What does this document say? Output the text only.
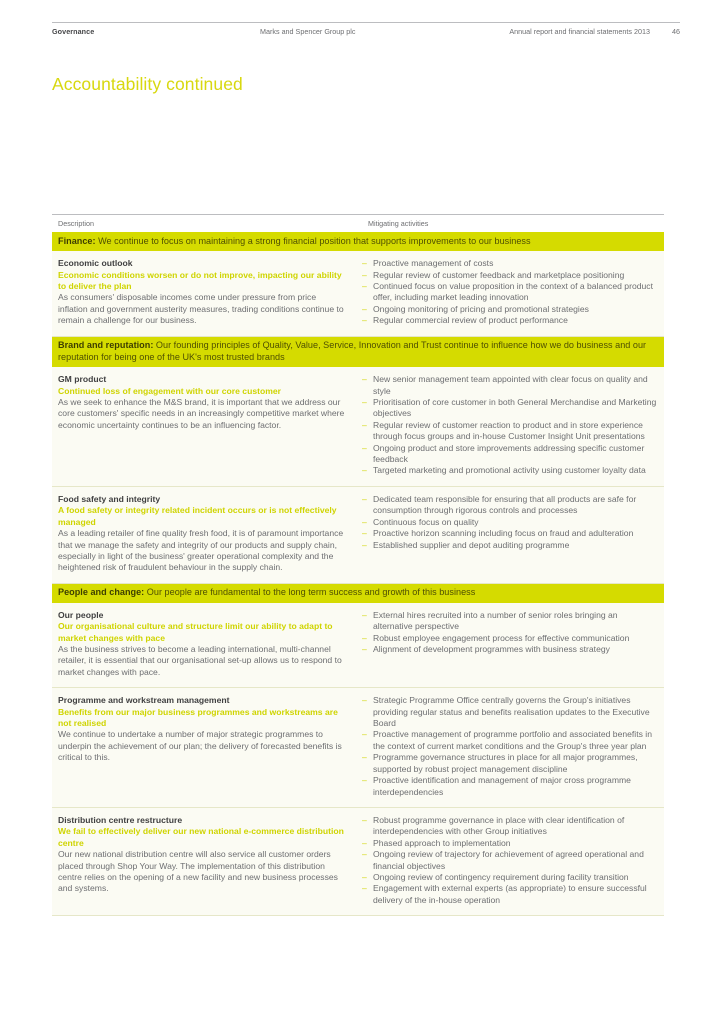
Governance	Marks and Spencer Group plc	Annual report and financial statements 2013	46
Accountability continued
Description	Mitigating activities
Finance: We continue to focus on maintaining a strong financial position that supports improvements to our business
Economic outlook
Economic conditions worsen or do not improve, impacting our ability to deliver the plan
As consumers' disposable incomes come under pressure from price inflation and government austerity measures, trading conditions continue to remain a challenge for our business.
– Proactive management of costs
– Regular review of customer feedback and marketplace positioning
– Continued focus on value proposition in the context of a balanced product offer, including market leading innovation
– Ongoing monitoring of pricing and promotional strategies
– Regular commercial review of product performance
Brand and reputation: Our founding principles of Quality, Value, Service, Innovation and Trust continue to influence how we do business and our reputation for being one of the UK's most trusted brands
GM product
Continued loss of engagement with our core customer
As we seek to enhance the M&S brand, it is important that we address our core customers' specific needs in an increasingly competitive market where economic uncertainty continues to be an influencing factor.
– New senior management team appointed with clear focus on quality and style
– Prioritisation of core customer in both General Merchandise and Marketing objectives
– Regular review of customer reaction to product and in store experience through focus groups and in-house Customer Insight Unit presentations
– Ongoing product and store improvements addressing specific customer feedback
– Targeted marketing and promotional activity using customer loyalty data
Food safety and integrity
A food safety or integrity related incident occurs or is not effectively managed
As a leading retailer of fine quality fresh food, it is of paramount importance that we manage the safety and integrity of our products and supply chain, especially in light of the business' greater operational complexity and the heightened risk of fraudulent behaviour in the supply chain.
– Dedicated team responsible for ensuring that all products are safe for consumption through rigorous controls and processes
– Continuous focus on quality
– Proactive horizon scanning including focus on fraud and adulteration
– Established supplier and depot auditing programme
People and change: Our people are fundamental to the long term success and growth of this business
Our people
Our organisational culture and structure limit our ability to adapt to market changes with pace
As the business strives to become a leading international, multi-channel retailer, it is essential that our organisational set-up allows us to respond to market changes with pace.
– External hires recruited into a number of senior roles bringing an alternative perspective
– Robust employee engagement process for effective communication
– Alignment of development programmes with business strategy
Programme and workstream management
Benefits from our major business programmes and workstreams are not realised
We continue to undertake a number of major strategic programmes to underpin the achievement of our plan; the delivery of forecasted benefits is critical to this.
– Strategic Programme Office centrally governs the Group's initiatives providing regular status and benefits realisation updates to the Executive Board
– Proactive management of programme portfolio and associated benefits in the context of current market conditions and the Group's three year plan
– Programme governance structures in place for all major programmes, supported by robust project management discipline
– Proactive identification and management of major cross programme interdependencies
Distribution centre restructure
We fail to effectively deliver our new national e-commerce distribution centre
Our new national distribution centre will also service all customer orders placed through Shop Your Way. The implementation of this distribution centre relies on the opening of a new facility and new business processes and systems.
– Robust programme governance in place with clear identification of interdependencies with other Group initiatives
– Phased approach to implementation
– Ongoing review of trajectory for achievement of agreed operational and financial objectives
– Ongoing review of contingency requirement during facility transition
– Engagement with external experts (as appropriate) to ensure successful delivery of the in-house operation
